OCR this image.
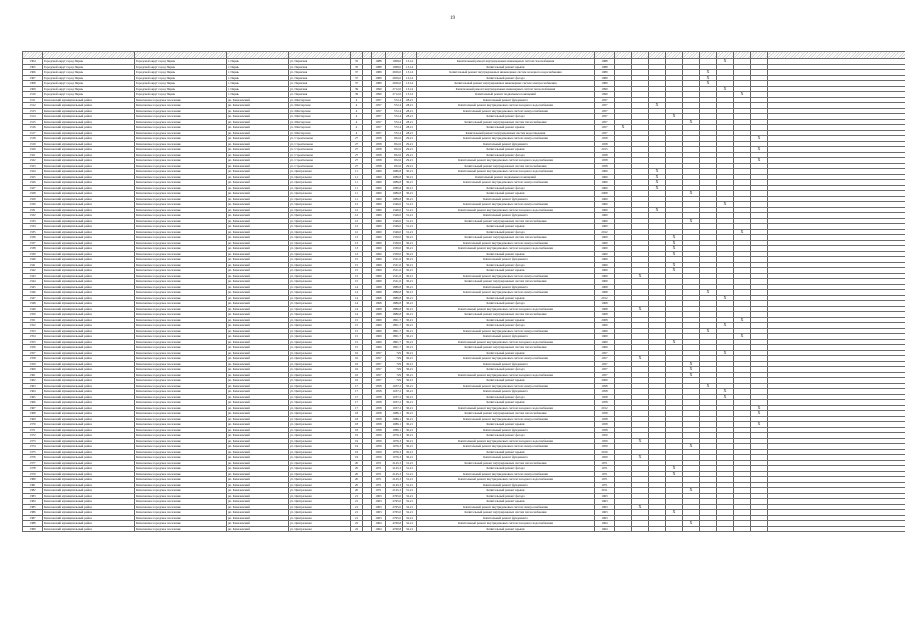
19

1304	Городской округ город Пермь	Городской округ город Пермь	г. Пермь	ул. Пермская	35		1988	1008,0	13,14	Капитальный ремонт внутридомовых инженерных систем газоснабжения	1988							X			
1305	Городской округ город Пермь	Городской округ город Пермь	г. Пермь	ул. Пермская	35		1988	1008,0	13,14	Капитальный ремонт крыши	1988										
1306	Городской округ город Пермь	Городской округ город Пермь	г. Пермь	ул. Пермская	37		1989	2656,0	13,14	Капитальный ремонт внутридомовых инженерных систем холодного водоснабжения	1989						X				
1307	Городской округ город Пермь	Городской округ город Пермь	г. Пермь	ул. Пермская	37		1989	2656,0	13,14	Капитальный ремонт фасада	1989						X				
1308	Городской округ город Пермь	Городской округ город Пермь	г. Пермь	ул. Пермская	37		1989	2656,0	13,14	Капитальный ремонт внутридомовых инженерных систем электроснабжения	1989						X				
1309	Городской округ город Пермь	Городской округ город Пермь	г. Пермь	ул. Пермская	39		1990	2712,0	13,14	Капитальный ремонт внутридомовых инженерных систем теплоснабжения	1990							X			
1310	Городской округ город Пермь	Городской округ город Пермь	г. Пермь	ул. Пермская	39		1990	2712,0	13,14	Капитальный ремонт подвальных помещений	1990								X		
1311	Кизеловский муниципальный район	Кизеловское городское поселение	рп. Кизеловский	ул. Шахтерская	4		1957	572,4	28,21	Капитальный ремонт фундамента	1957										
1312	Кизеловский муниципальный район	Кизеловское городское поселение	рп. Кизеловский	ул. Шахтерская	4		1957	572,4	28,21	Капитальный ремонт внутридомовых систем холодного водоснабжения	1957			X							
1313	Кизеловский муниципальный район	Кизеловское городское поселение	рп. Кизеловский	ул. Шахтерская	4		1957	572,4	28,21	Капитальный ремонт внутридомовых систем электроснабжения	1957										
1314	Кизеловский муниципальный район	Кизеловское городское поселение	рп. Кизеловский	ул. Шахтерская	4		1957	572,4	28,21	Капитальный ремонт фасада	1957				X						
1315	Кизеловский муниципальный район	Кизеловское городское поселение	рп. Кизеловский	ул. Шахтерская	4		1957	572,4	28,21	Капитальный ремонт внутридомовых систем теплоснабжения	1957					X					
1316	Кизеловский муниципальный район	Кизеловское городское поселение	рп. Кизеловский	ул. Шахтерская	4		1957	572,4	28,21	Капитальный ремонт крыши	1957	X									
1317	Кизеловский муниципальный район	Кизеловское городское поселение	рп. Кизеловский	ул. Шахтерская	4		1957	572,4	28,21	Капитальный ремонт внутридомовых систем водоотведения	1957										
1318	Кизеловский муниципальный район	Кизеловское городское поселение	рп. Кизеловский	ул. Строительная	27		1958	952,6	29,21	Капитальный ремонт внутридомовых систем электроснабжения	1958									X	
1319	Кизеловский муниципальный район	Кизеловское городское поселение	рп. Кизеловский	ул. Строительная	27		1958	952,6	29,21	Капитальный ремонт фундамента	1958										
1320	Кизеловский муниципальный район	Кизеловское городское поселение	рп. Кизеловский	ул. Строительная	27		1958	952,6	29,21	Капитальный ремонт крыши	2015									X	
1321	Кизеловский муниципальный район	Кизеловское городское поселение	рп. Кизеловский	ул. Строительная	27		1958	952,6	29,21	Капитальный ремонт фасада	1958										
1322	Кизеловский муниципальный район	Кизеловское городское поселение	рп. Кизеловский	ул. Строительная	27		1958	952,6	29,21	Капитальный ремонт внутридомовых систем холодного водоснабжения	1958									X	
1323	Кизеловский муниципальный район	Кизеловское городское поселение	рп. Кизеловский	ул. Строительная	27		1958	952,6	29,21	Капитальный ремонт внутридомовых систем теплоснабжения	1958										
1324	Кизеловский муниципальный район	Кизеловское городское поселение	рп. Кизеловский	ул. Центральная	11		1960	1086,8	30,21	Капитальный ремонт внутридомовых систем холодного водоснабжения	1960			X							
1325	Кизеловский муниципальный район	Кизеловское городское поселение	рп. Кизеловский	ул. Центральная	11		1960	1086,8	30,21	Капитальный ремонт подвальных помещений	1960			X							
1326	Кизеловский муниципальный район	Кизеловское городское поселение	рп. Кизеловский	ул. Центральная	11		1960	1086,8	30,21	Капитальный ремонт внутридомовых систем электроснабжения	1960			X							
1327	Кизеловский муниципальный район	Кизеловское городское поселение	рп. Кизеловский	ул. Центральная	11		1960	1086,8	30,21	Капитальный ремонт фасада	1960			X							
1328	Кизеловский муниципальный район	Кизеловское городское поселение	рп. Кизеловский	ул. Центральная	11		1960	1086,8	30,21	Капитальный ремонт крыши	2008					X					
1329	Кизеловский муниципальный район	Кизеловское городское поселение	рп. Кизеловский	ул. Центральная	11		1960	1086,8	30,21	Капитальный ремонт фундамента	1960										
1330	Кизеловский муниципальный район	Кизеловское городское поселение	рп. Кизеловский	ул. Центральная	12		1960	1346,0	31,21	Капитальный ремонт внутридомовых систем электроснабжения	1960							X			
1331	Кизеловский муниципальный район	Кизеловское городское поселение	рп. Кизеловский	ул. Центральная	12		1960	1346,0	31,21	Капитальный ремонт внутридомовых систем холодного водоснабжения	1960			X							
1332	Кизеловский муниципальный район	Кизеловское городское поселение	рп. Кизеловский	ул. Центральная	12		1960	1346,0	31,21	Капитальный ремонт фундамента	1960										
1333	Кизеловский муниципальный район	Кизеловское городское поселение	рп. Кизеловский	ул. Центральная	12		1960	1346,0	31,21	Капитальный ремонт внутридомовых систем теплоснабжения	1960					X					
1334	Кизеловский муниципальный район	Кизеловское городское поселение	рп. Кизеловский	ул. Центральная	12		1960	1346,0	31,21	Капитальный ремонт крыши	1960										
1335	Кизеловский муниципальный район	Кизеловское городское поселение	рп. Кизеловский	ул. Центральная	12		1960	1346,0	31,21	Капитальный ремонт фасада	2012								X		
1336	Кизеловский муниципальный район	Кизеловское городское поселение	рп. Кизеловский	ул. Центральная	13		1960	1330,0	30,21	Капитальный ремонт внутридомовых систем теплоснабжения	1960				X						
1337	Кизеловский муниципальный район	Кизеловское городское поселение	рп. Кизеловский	ул. Центральная	13		1960	1330,0	30,21	Капитальный ремонт внутридомовых систем электроснабжения	1960				X						
1338	Кизеловский муниципальный район	Кизеловское городское поселение	рп. Кизеловский	ул. Центральная	13		1960	1330,0	30,21	Капитальный ремонт внутридомовых систем холодного водоснабжения	1960				X						
1339	Кизеловский муниципальный район	Кизеловское городское поселение	рп. Кизеловский	ул. Центральная	13		1960	1330,0	30,21	Капитальный ремонт крыши	1960				X						
1340	Кизеловский муниципальный район	Кизеловское городское поселение	рп. Кизеловский	ул. Центральная	15		1969	1521,6	30,21	Капитальный ремонт фундамента	1969										
1341	Кизеловский муниципальный район	Кизеловское городское поселение	рп. Кизеловский	ул. Центральная	15		1969	1521,6	30,21	Капитальный ремонт фасада	1969				X						
1342	Кизеловский муниципальный район	Кизеловское городское поселение	рп. Кизеловский	ул. Центральная	15		1969	1521,6	30,21	Капитальный ремонт крыши	1969				X						
1343	Кизеловский муниципальный район	Кизеловское городское поселение	рп. Кизеловский	ул. Центральная	15		1969	1521,6	30,21	Капитальный ремонт внутридомовых систем электроснабжения	1969		X								
1344	Кизеловский муниципальный район	Кизеловское городское поселение	рп. Кизеловский	ул. Центральная	15		1969	1521,6	30,21	Капитальный ремонт внутридомовых систем теплоснабжения	1969										
1345	Кизеловский муниципальный район	Кизеловское городское поселение	рп. Кизеловский	ул. Центральная	14		1968	1886,8	30,21	Капитальный ремонт фундамента	1968										
1346	Кизеловский муниципальный район	Кизеловское городское поселение	рп. Кизеловский	ул. Центральная	14		1968	1886,8	30,21	Капитальный ремонт внутридомовых систем электроснабжения	1968						X				
1347	Кизеловский муниципальный район	Кизеловское городское поселение	рп. Кизеловский	ул. Центральная	14		1968	1886,8	30,21	Капитальный ремонт крыши	2012							X			
1348	Кизеловский муниципальный район	Кизеловское городское поселение	рп. Кизеловский	ул. Центральная	14		1968	1886,8	30,21	Капитальный ремонт фасада	1968										
1349	Кизеловский муниципальный район	Кизеловское городское поселение	рп. Кизеловский	ул. Центральная	14		1968	1886,8	30,21	Капитальный ремонт внутридомовых систем холодного водоснабжения	1968		X								
1350	Кизеловский муниципальный район	Кизеловское городское поселение	рп. Кизеловский	ул. Центральная	14		1968	1886,8	30,21	Капитальный ремонт внутридомовых систем теплоснабжения	1968										
1351	Кизеловский муниципальный район	Кизеловское городское поселение	рп. Кизеловский	ул. Центральная	15		1969	1801,7	30,21	Капитальный ремонт крыши	2008								X		
1352	Кизеловский муниципальный район	Кизеловское городское поселение	рп. Кизеловский	ул. Центральная	15		1969	1801,7	30,21	Капитальный ремонт фасада	1969							X			
1353	Кизеловский муниципальный район	Кизеловское городское поселение	рп. Кизеловский	ул. Центральная	15		1969	1801,7	30,21	Капитальный ремонт внутридомовых систем электроснабжения	1969						X				
1354	Кизеловский муниципальный район	Кизеловское городское поселение	рп. Кизеловский	ул. Центральная	15		1969	1801,7	30,21	Капитальный ремонт фундамента	1969								X		
1355	Кизеловский муниципальный район	Кизеловское городское поселение	рп. Кизеловский	ул. Центральная	15		1969	1801,7	30,21	Капитальный ремонт внутридомовых систем холодного водоснабжения	1969				X						
1356	Кизеловский муниципальный район	Кизеловское городское поселение	рп. Кизеловский	ул. Центральная	15		1969	1801,7	30,21	Капитальный ремонт внутридомовых систем теплоснабжения	1969										
1357	Кизеловский муниципальный район	Кизеловское городское поселение	рп. Кизеловский	ул. Центральная	16		1957	729	30,21	Капитальный ремонт крыши	1957							X			
1358	Кизеловский муниципальный район	Кизеловское городское поселение	рп. Кизеловский	ул. Центральная	16		1957	729	30,21	Капитальный ремонт внутридомовых систем электроснабжения	1957		X								
1359	Кизеловский муниципальный район	Кизеловское городское поселение	рп. Кизеловский	ул. Центральная	16		1957	729	30,21	Капитальный ремонт фундамента	1957					X					
1360	Кизеловский муниципальный район	Кизеловское городское поселение	рп. Кизеловский	ул. Центральная	16		1957	729	30,21	Капитальный ремонт фасада	1957					X					
1361	Кизеловский муниципальный район	Кизеловское городское поселение	рп. Кизеловский	ул. Центральная	16		1957	729	30,21	Капитальный ремонт внутридомовых систем холодного водоснабжения	1957					X					
1362	Кизеловский муниципальный район	Кизеловское городское поселение	рп. Кизеловский	ул. Центральная	16		1957	729	30,21	Капитальный ремонт крыши	2009										
1363	Кизеловский муниципальный район	Кизеловское городское поселение	рп. Кизеловский	ул. Центральная	17		1958	1037,2	30,21	Капитальный ремонт внутридомовых систем электроснабжения	1958						X				
1364	Кизеловский муниципальный район	Кизеловское городское поселение	рп. Кизеловский	ул. Центральная	17		1958	1037,2	30,21	Капитальный ремонт фундамента	1958							X			
1365	Кизеловский муниципальный район	Кизеловское городское поселение	рп. Кизеловский	ул. Центральная	17		1958	1037,2	30,21	Капитальный ремонт фасада	1958							X			
1366	Кизеловский муниципальный район	Кизеловское городское поселение	рп. Кизеловский	ул. Центральная	17		1958	1037,2	30,21	Капитальный ремонт крыши	1958										
1367	Кизеловский муниципальный район	Кизеловское городское поселение	рп. Кизеловский	ул. Центральная	17		1958	1037,2	30,21	Капитальный ремонт внутридомовых систем холодного водоснабжения	2012									X	
1368	Кизеловский муниципальный район	Кизеловское городское поселение	рп. Кизеловский	ул. Центральная	18		1958	1086,1	30,21	Капитальный ремонт внутридомовых систем теплоснабжения	1958									X	
1369	Кизеловский муниципальный район	Кизеловское городское поселение	рп. Кизеловский	ул. Центральная	18		1958	1086,1	30,21	Капитальный ремонт внутридомовых систем электроснабжения	1958										
1370	Кизеловский муниципальный район	Кизеловское городское поселение	рп. Кизеловский	ул. Центральная	18		1958	1086,1	30,21	Капитальный ремонт крыши	1958									X	
1371	Кизеловский муниципальный район	Кизеловское городское поселение	рп. Кизеловский	ул. Центральная	18		1958	1086,1	30,21	Капитальный ремонт фундамента	1958										
1372	Кизеловский муниципальный район	Кизеловское городское поселение	рп. Кизеловский	ул. Центральная	19		1959	1076,3	30,21	Капитальный ремонт фасада	1959										
1373	Кизеловский муниципальный район	Кизеловское городское поселение	рп. Кизеловский	ул. Центральная	19		1959	1076,3	30,21	Капитальный ремонт внутридомовых систем холодного водоснабжения	1959		X								
1374	Кизеловский муниципальный район	Кизеловское городское поселение	рп. Кизеловский	ул. Центральная	19		1959	1076,3	30,21	Капитальный ремонт внутридомовых систем электроснабжения	1959					X					
1375	Кизеловский муниципальный район	Кизеловское городское поселение	рп. Кизеловский	ул. Центральная	19		1959	1076,3	30,21	Капитальный ремонт крыши	2010										
1376	Кизеловский муниципальный район	Кизеловское городское поселение	рп. Кизеловский	ул. Центральная	19		1959	1076,3	30,21	Капитальный ремонт фундамента	1959		X								
1377	Кизеловский муниципальный район	Кизеловское городское поселение	рп. Кизеловский	ул. Центральная	20		1971	2145,3	31,21	Капитальный ремонт внутридомовых систем теплоснабжения	1971										
1378	Кизеловский муниципальный район	Кизеловское городское поселение	рп. Кизеловский	ул. Центральная	20		1971	2145,3	31,21	Капитальный ремонт фасада	1971				X						
1379	Кизеловский муниципальный район	Кизеловское городское поселение	рп. Кизеловский	ул. Центральная	20		1971	2145,3	31,21	Капитальный ремонт внутридомовых систем электроснабжения	1971				X						
1380	Кизеловский муниципальный район	Кизеловское городское поселение	рп. Кизеловский	ул. Центральная	20		1971	2145,3	31,21	Капитальный ремонт внутридомовых систем холодного водоснабжения	1971										
1381	Кизеловский муниципальный район	Кизеловское городское поселение	рп. Кизеловский	ул. Центральная	20		1971	2145,3	31,21	Капитальный ремонт фундамента	1971										
1382	Кизеловский муниципальный район	Кизеловское городское поселение	рп. Кизеловский	ул. Центральная	20		1971	2145,3	31,21	Капитальный ремонт крыши	2011					X					
1383	Кизеловский муниципальный район	Кизеловское городское поселение	рп. Кизеловский	ул. Центральная	21		1963	2765,0	32,21	Капитальный ремонт фасада	1963										
1384	Кизеловский муниципальный район	Кизеловское городское поселение	рп. Кизеловский	ул. Центральная	21		1963	2765,0	32,21	Капитальный ремонт крыши	1963										
1385	Кизеловский муниципальный район	Кизеловское городское поселение	рп. Кизеловский	ул. Центральная	21		1963	2765,0	32,21	Капитальный ремонт внутридомовых систем электроснабжения	1963		X								
1386	Кизеловский муниципальный район	Кизеловское городское поселение	рп. Кизеловский	ул. Центральная	21		1963	2765,0	32,21	Капитальный ремонт внутридомовых систем теплоснабжения	1963				X						
1387	Кизеловский муниципальный район	Кизеловское городское поселение	рп. Кизеловский	ул. Центральная	21		1963	2765,0	32,21	Капитальный ремонт фундамента	1963										
1388	Кизеловский муниципальный район	Кизеловское городское поселение	рп. Кизеловский	ул. Центральная	22		1964	4760,8	32,21	Капитальный ремонт внутридомовых систем холодного водоснабжения	1964					X					
1389	Кизеловский муниципальный район	Кизеловское городское поселение	рп. Кизеловский	ул. Центральная	22		1964	4760,8	32,21	Капитальный ремонт крыши	1964										
